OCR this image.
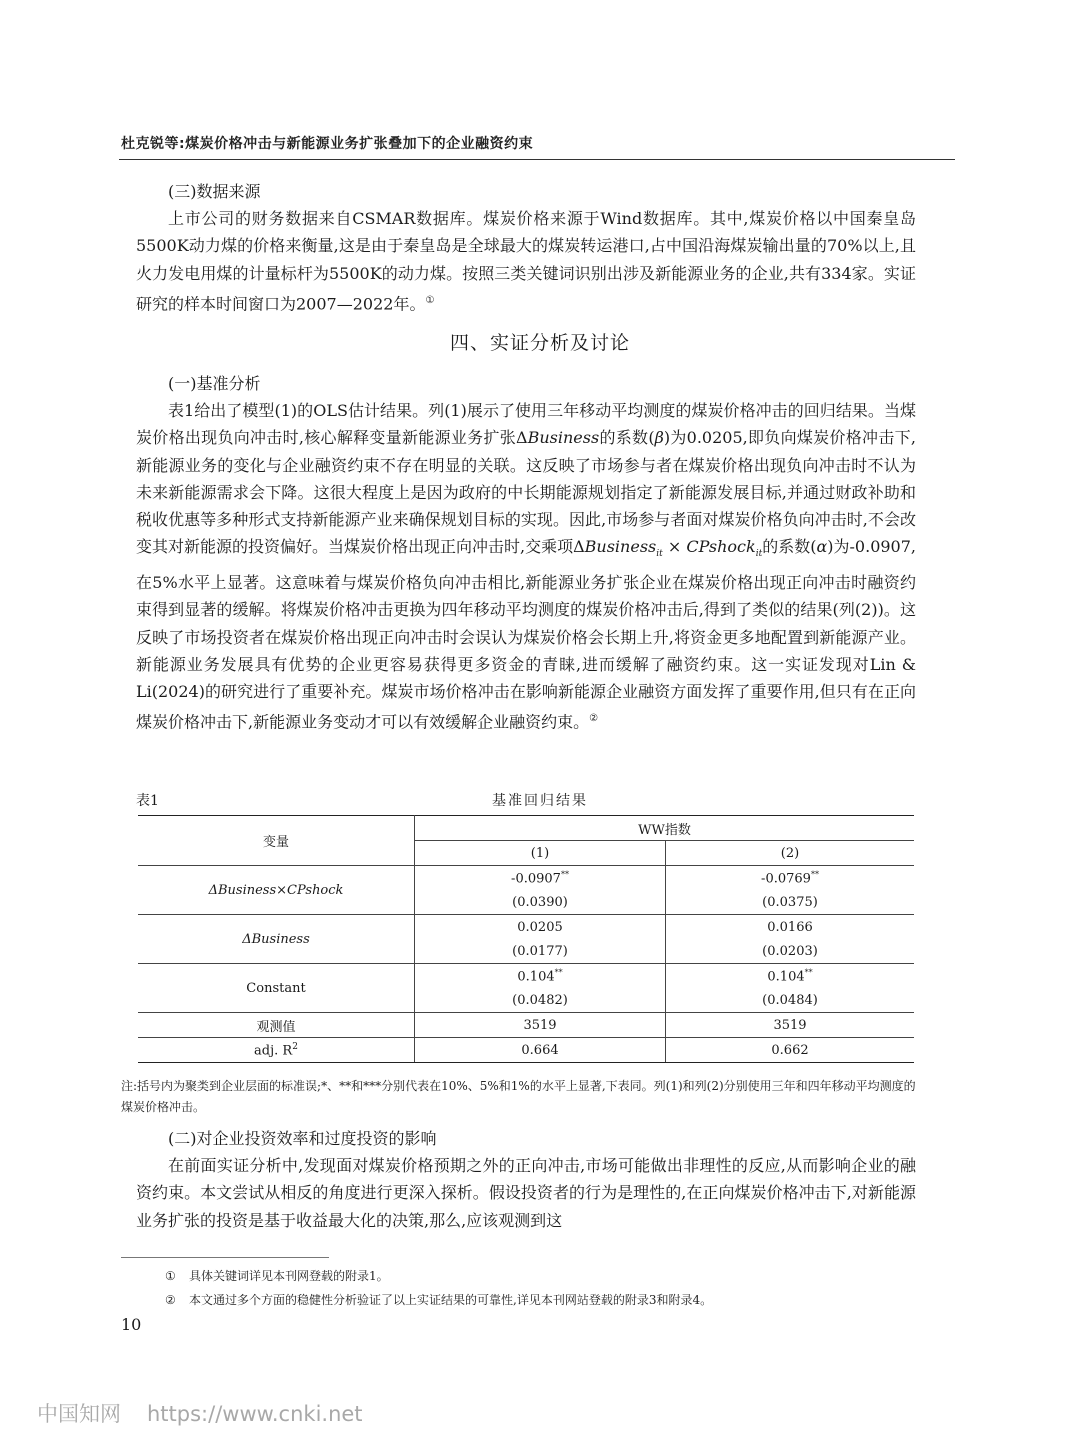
杜克锐等:煤炭价格冲击与新能源业务扩张叠加下的企业融资约束

(三)数据来源

上市公司的财务数据来自CSMAR数据库。煤炭价格来源于Wind数据库。其中,煤炭价格以中国秦皇岛5500K动力煤的价格来衡量,这是由于秦皇岛是全球最大的煤炭转运港口,占中国沿海煤炭输出量的70%以上,且火力发电用煤的计量标杆为5500K的动力煤。按照三类关键词识别出涉及新能源业务的企业,共有334家。实证研究的样本时间窗口为2007—2022年。①

四、实证分析及讨论

(一)基准分析

表1给出了模型(1)的OLS估计结果。列(1)展示了使用三年移动平均测度的煤炭价格冲击的回归结果。当煤炭价格出现负向冲击时,核心解释变量新能源业务扩张ΔBusiness的系数(β)为0.0205,即负向煤炭价格冲击下,新能源业务的变化与企业融资约束不存在明显的关联。这反映了市场参与者在煤炭价格出现负向冲击时不认为未来新能源需求会下降。这很大程度上是因为政府的中长期能源规划指定了新能源发展目标,并通过财政补助和税收优惠等多种形式支持新能源产业来确保规划目标的实现。因此,市场参与者面对煤炭价格负向冲击时,不会改变其对新能源的投资偏好。当煤炭价格出现正向冲击时,交乘项ΔBusiness$_{it}$ × CPshock$_{it}$的系数(α)为-0.0907,在5%水平上显著。这意味着与煤炭价格负向冲击相比,新能源业务扩张企业在煤炭价格出现正向冲击时融资约束得到显著的缓解。将煤炭价格冲击更换为四年移动平均测度的煤炭价格冲击后,得到了类似的结果(列(2))。这反映了市场投资者在煤炭价格出现正向冲击时会误认为煤炭价格会长期上升,将资金更多地配置到新能源产业。新能源业务发展具有优势的企业更容易获得更多资金的青睐,进而缓解了融资约束。这一实证发现对Lin & Li(2024)的研究进行了重要补充。煤炭市场价格冲击在影响新能源企业融资方面发挥了重要作用,但只有在正向煤炭价格冲击下,新能源业务变动才可以有效缓解企业融资约束。②

表1	基准回归结果
变量	WW指数	
	(1)	(2)
ΔBusiness×CPshock	-0.0907**	-0.0769**
	(0.0390)	(0.0375)
ΔBusiness	0.0205	0.0166
	(0.0177)	(0.0203)
Constant	0.104**	0.104**
	(0.0482)	(0.0484)
观测值	3519	3519
adj. $R^2$	0.664	0.662
注:括号内为聚类到企业层面的标准误;*、**和***分别代表在10%、5%和1%的水平上显著,下表同。列(1)和列(2)分别使用三年和四年移动平均测度的煤炭价格冲击。

(二)对企业投资效率和过度投资的影响

在前面实证分析中,发现面对煤炭价格预期之外的正向冲击,市场可能做出非理性的反应,从而影响企业的融资约束。本文尝试从相反的角度进行更深入探析。假设投资者的行为是理性的,在正向煤炭价格冲击下,对新能源业务扩张的投资是基于收益最大化的决策,那么,应该观测到这

① 具体关键词详见本刊网登载的附录1。
② 本文通过多个方面的稳健性分析验证了以上实证结果的可靠性,详见本刊网站登载的附录3和附录4。
10
中国知网 https://www.cnki.net
